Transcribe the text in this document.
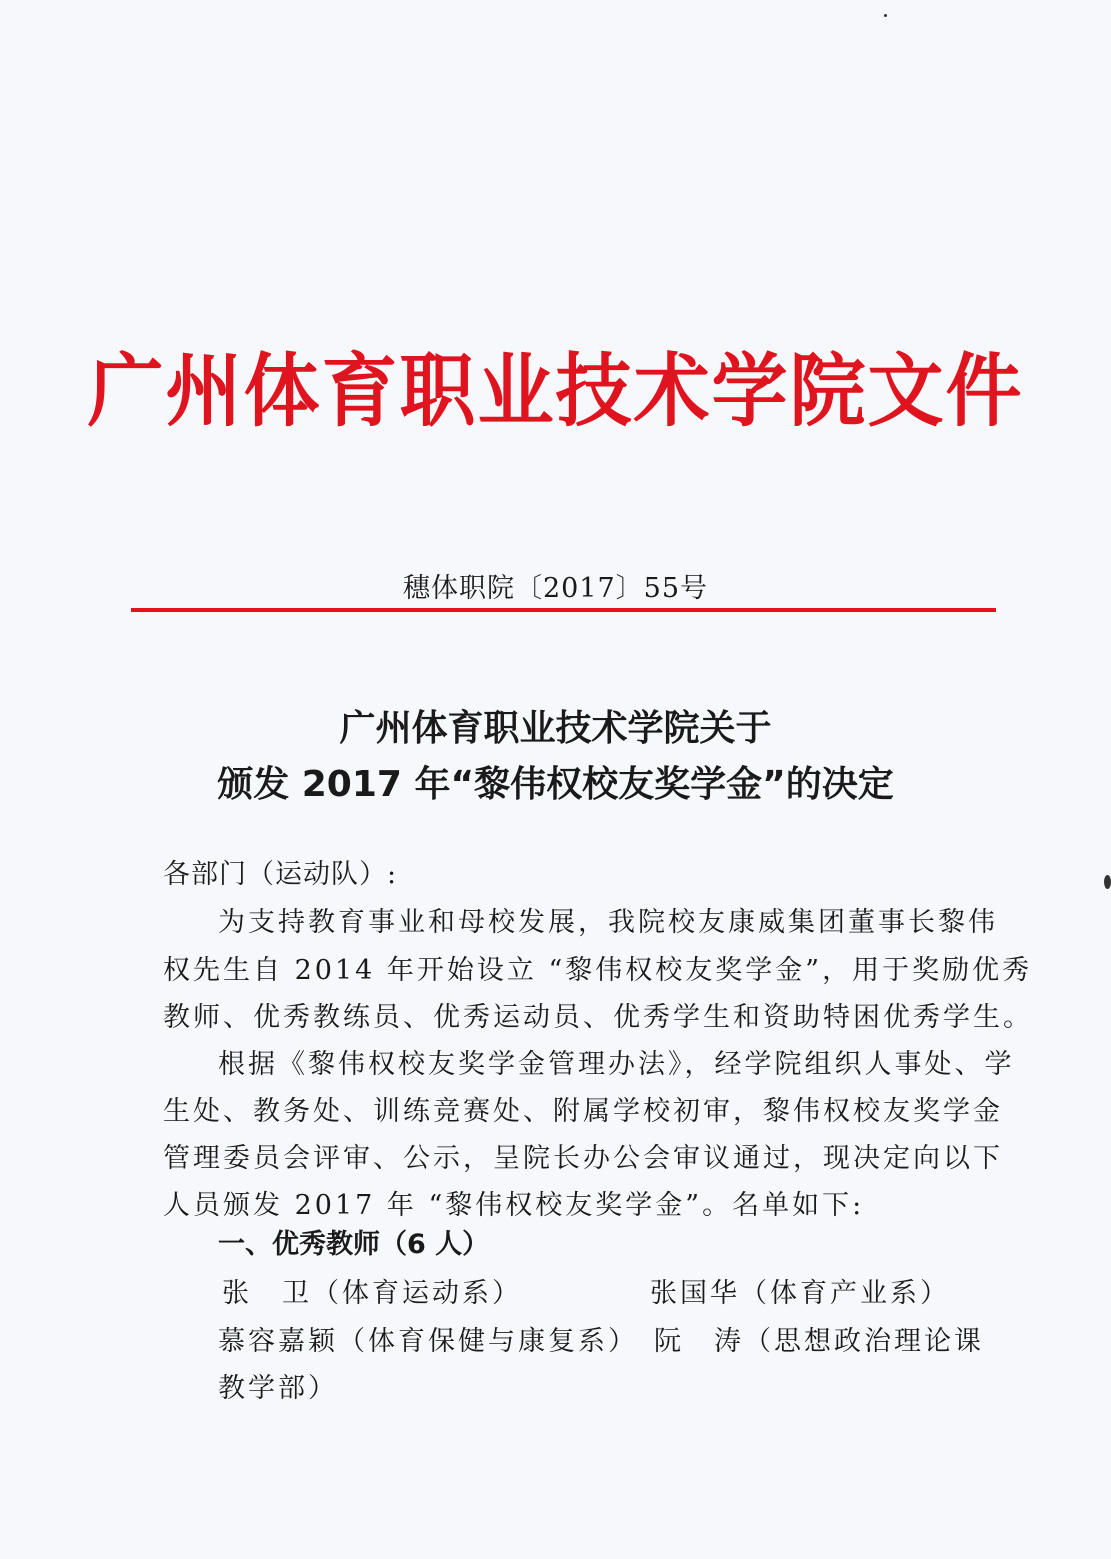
广州体育职业技术学院文件
穗体职院〔2017〕55号
广州体育职业技术学院关于
颁发 2017 年“黎伟权校友奖学金”的决定
各部门（运动队）:
为支持教育事业和母校发展，我院校友康威集团董事长黎伟
权先生自 2014 年开始设立 “黎伟权校友奖学金”，用于奖励优秀
教师、优秀教练员、优秀运动员、优秀学生和资助特困优秀学生。
根据《黎伟权校友奖学金管理办法》，经学院组织人事处、学
生处、教务处、训练竞赛处、附属学校初审，黎伟权校友奖学金
管理委员会评审、公示，呈院长办公会审议通过，现决定向以下
人员颁发 2017 年 “黎伟权校友奖学金”。名单如下:
一、优秀教师（6 人）
张　卫（体育运动系）	张国华（体育产业系）
慕容嘉颖（体育保健与康复系） 阮　涛（思想政治理论课
教学部）
